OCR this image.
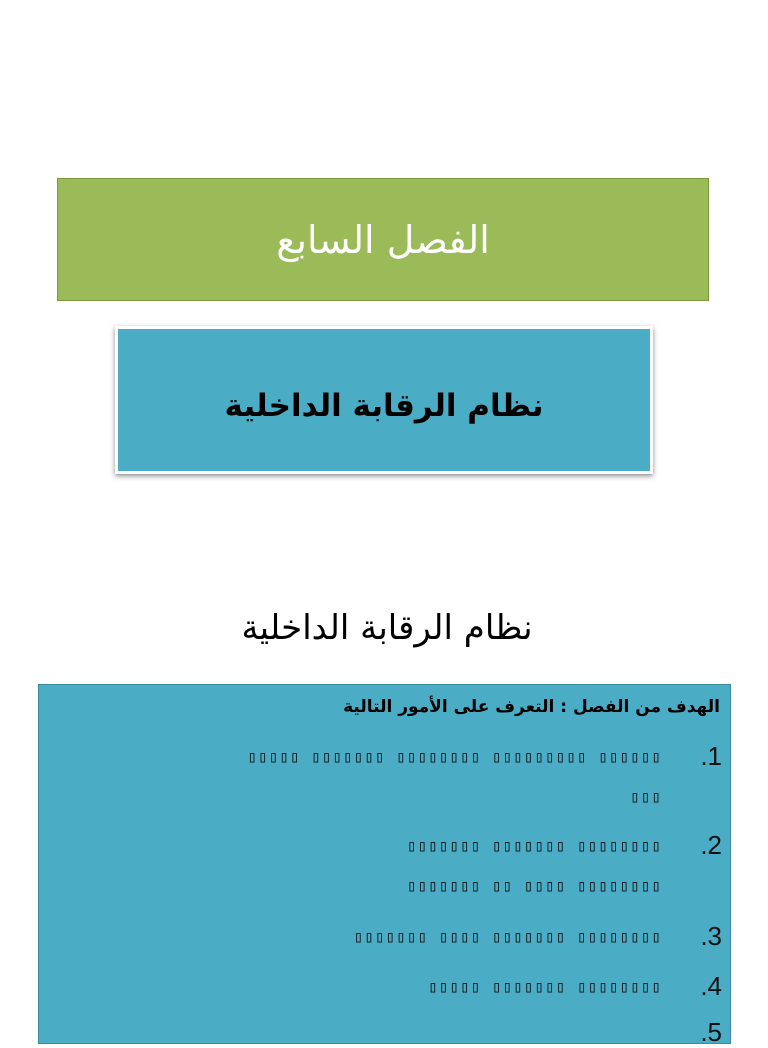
الفصل السابع
نظام الرقابة الداخلية
نظام الرقابة الداخلية
الهدف من الفصل : التعرف على الأمور التالية
.1
▯▯▯▯▯ ▯▯▯▯▯▯▯ ▯▯▯▯▯▯▯▯ ▯▯▯▯▯▯▯▯▯ ▯▯▯▯▯▯
▯▯▯
.2
▯▯▯▯▯▯▯ ▯▯▯▯▯▯▯ ▯▯▯▯▯▯▯▯
▯▯▯▯▯▯▯ ▯▯ ▯▯▯▯ ▯▯▯▯▯▯▯▯
.3
▯▯▯▯▯▯▯ ▯▯▯▯ ▯▯▯▯▯▯▯ ▯▯▯▯▯▯▯▯
.4
▯▯▯▯▯ ▯▯▯▯▯▯▯ ▯▯▯▯▯▯▯▯
.5
